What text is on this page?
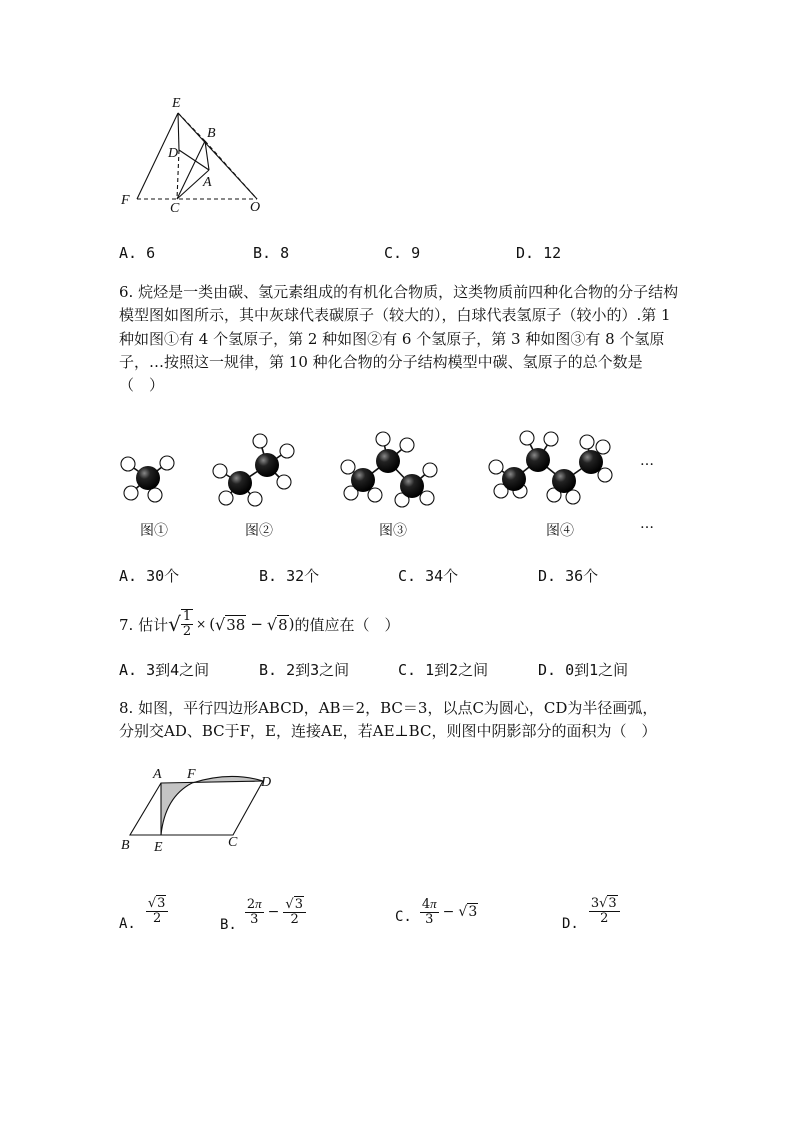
E
B
D
A
F
C	O
A. 6	B. 8	C. 9	D. 12
6. 烷烃是一类由碳、氢元素组成的有机化合物质，这类物质前四种化合物的分子结构模型图如图所示，其中灰球代表碳原子（较大的），白球代表氢原子（较小的）.第 1 种如图①有 4 个氢原子，第 2 种如图②有 6 个氢原子，第 3 种如图③有 8 个氢原子，…按照这一规律，第 10 种化合物的分子结构模型中碳、氢原子的总个数是（　）
…
图①	图②	图③	图④	…
A. 30个	B. 32个	C. 34个	D. 36个
7. 估计 √ $\frac{1}{2}$ × ( √ 38 − √ 8 ) 的值应在（　）
A. 3到4之间	B. 2到3之间	C. 1到2之间	D. 0到1之间
8. 如图，平行四边形ABCD，AB＝2，BC＝3，以点C为圆心，CD为半径画弧，
分别交AD、BC于F，E，连接AE，若AE⊥BC，则图中阴影部分的面积为（　）
A F
D
B E	C
A. $\frac{√3}{2}$	B. $\frac{2\pi}{3} - \frac{√3}{2}$	C. $\frac{4\pi}{3} - √3$
D. $\frac{3√3}{2}$
